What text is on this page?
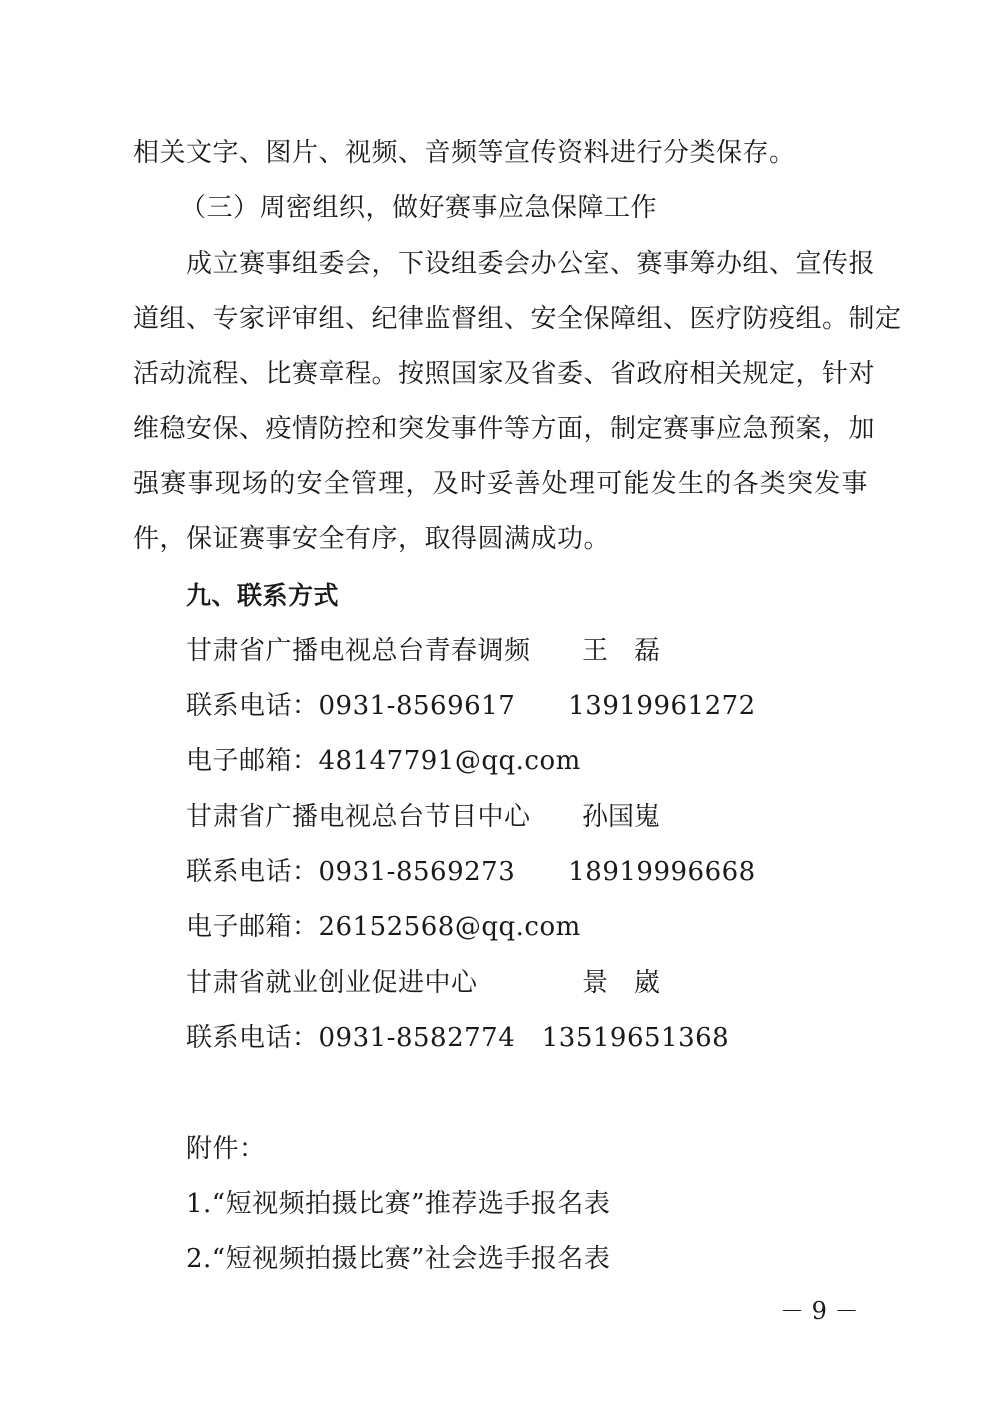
相关文字、图片、视频、音频等宣传资料进行分类保存。
（三）周密组织，做好赛事应急保障工作
成立赛事组委会，下设组委会办公室、赛事筹办组、宣传报
道组、专家评审组、纪律监督组、安全保障组、医疗防疫组。制定
活动流程、比赛章程。按照国家及省委、省政府相关规定，针对
维稳安保、疫情防控和突发事件等方面，制定赛事应急预案，加
强赛事现场的安全管理，及时妥善处理可能发生的各类突发事
件，保证赛事安全有序，取得圆满成功。
九、联系方式
甘肃省广播电视总台青春调频 王　磊
联系电话：0931-8569617　　13919961272
电子邮箱：48147791@qq.com
甘肃省广播电视总台节目中心 孙国嵬
联系电话：0931-8569273　　18919996668
电子邮箱：26152568@qq.com
甘肃省就业创业促进中心	景　崴
联系电话：0931-8582774　13519651368
附件：
1.“短视频拍摄比赛”推荐选手报名表
2.“短视频拍摄比赛”社会选手报名表
－ 9 －
